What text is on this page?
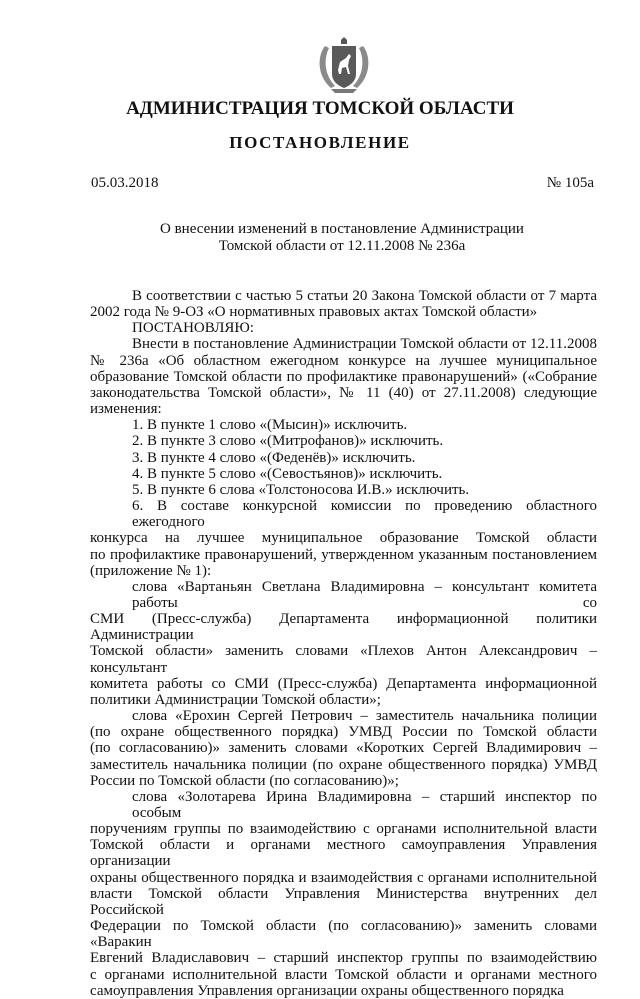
АДМИНИСТРАЦИЯ ТОМСКОЙ ОБЛАСТИ
ПОСТАНОВЛЕНИЕ
05.03.2018	№ 105а
О внесении изменений в постановление Администрации
Томской области от 12.11.2008 № 236а
В соответствии с частью 5 статьи 20 Закона Томской области от 7 марта
2002 года № 9-ОЗ «О нормативных правовых актах Томской области»
ПОСТАНОВЛЯЮ:
Внести в постановление Администрации Томской области от 12.11.2008
№ 236а «Об областном ежегодном конкурсе на лучшее муниципальное
образование Томской области по профилактике правонарушений» («Собрание
законодательства Томской области», № 11 (40) от 27.11.2008) следующие
изменения:
1. В пункте 1 слово «(Мысин)» исключить.
2. В пункте 3 слово «(Митрофанов)» исключить.
3. В пункте 4 слово «(Феденёв)» исключить.
4. В пункте 5 слово «(Севостьянов)» исключить.
5. В пункте 6 слова «Толстоносова И.В.» исключить.
6. В составе конкурсной комиссии по проведению областного ежегодного
конкурса на лучшее муниципальное образование Томской области
по профилактике правонарушений, утвержденном указанным постановлением
(приложение № 1):
слова «Вартаньян Светлана Владимировна – консультант комитета работы со
СМИ (Пресс-служба) Департамента информационной политики Администрации
Томской области» заменить словами «Плехов Антон Александрович – консультант
комитета работы со СМИ (Пресс-служба) Департамента информационной
политики Администрации Томской области»;
слова «Ерохин Сергей Петрович – заместитель начальника полиции
(по охране общественного порядка) УМВД России по Томской области
(по согласованию)» заменить словами «Коротких Сергей Владимирович –
заместитель начальника полиции (по охране общественного порядка) УМВД
России по Томской области (по согласованию)»;
слова «Золотарева Ирина Владимировна – старший инспектор по особым
поручениям группы по взаимодействию с органами исполнительной власти
Томской области и органами местного самоуправления Управления организации
охраны общественного порядка и взаимодействия с органами исполнительной
власти Томской области Управления Министерства внутренних дел Российской
Федерации по Томской области (по согласованию)» заменить словами «Варакин
Евгений Владиславович – старший инспектор группы по взаимодействию
с органами исполнительной власти Томской области и органами местного
самоуправления Управления организации охраны общественного порядка
